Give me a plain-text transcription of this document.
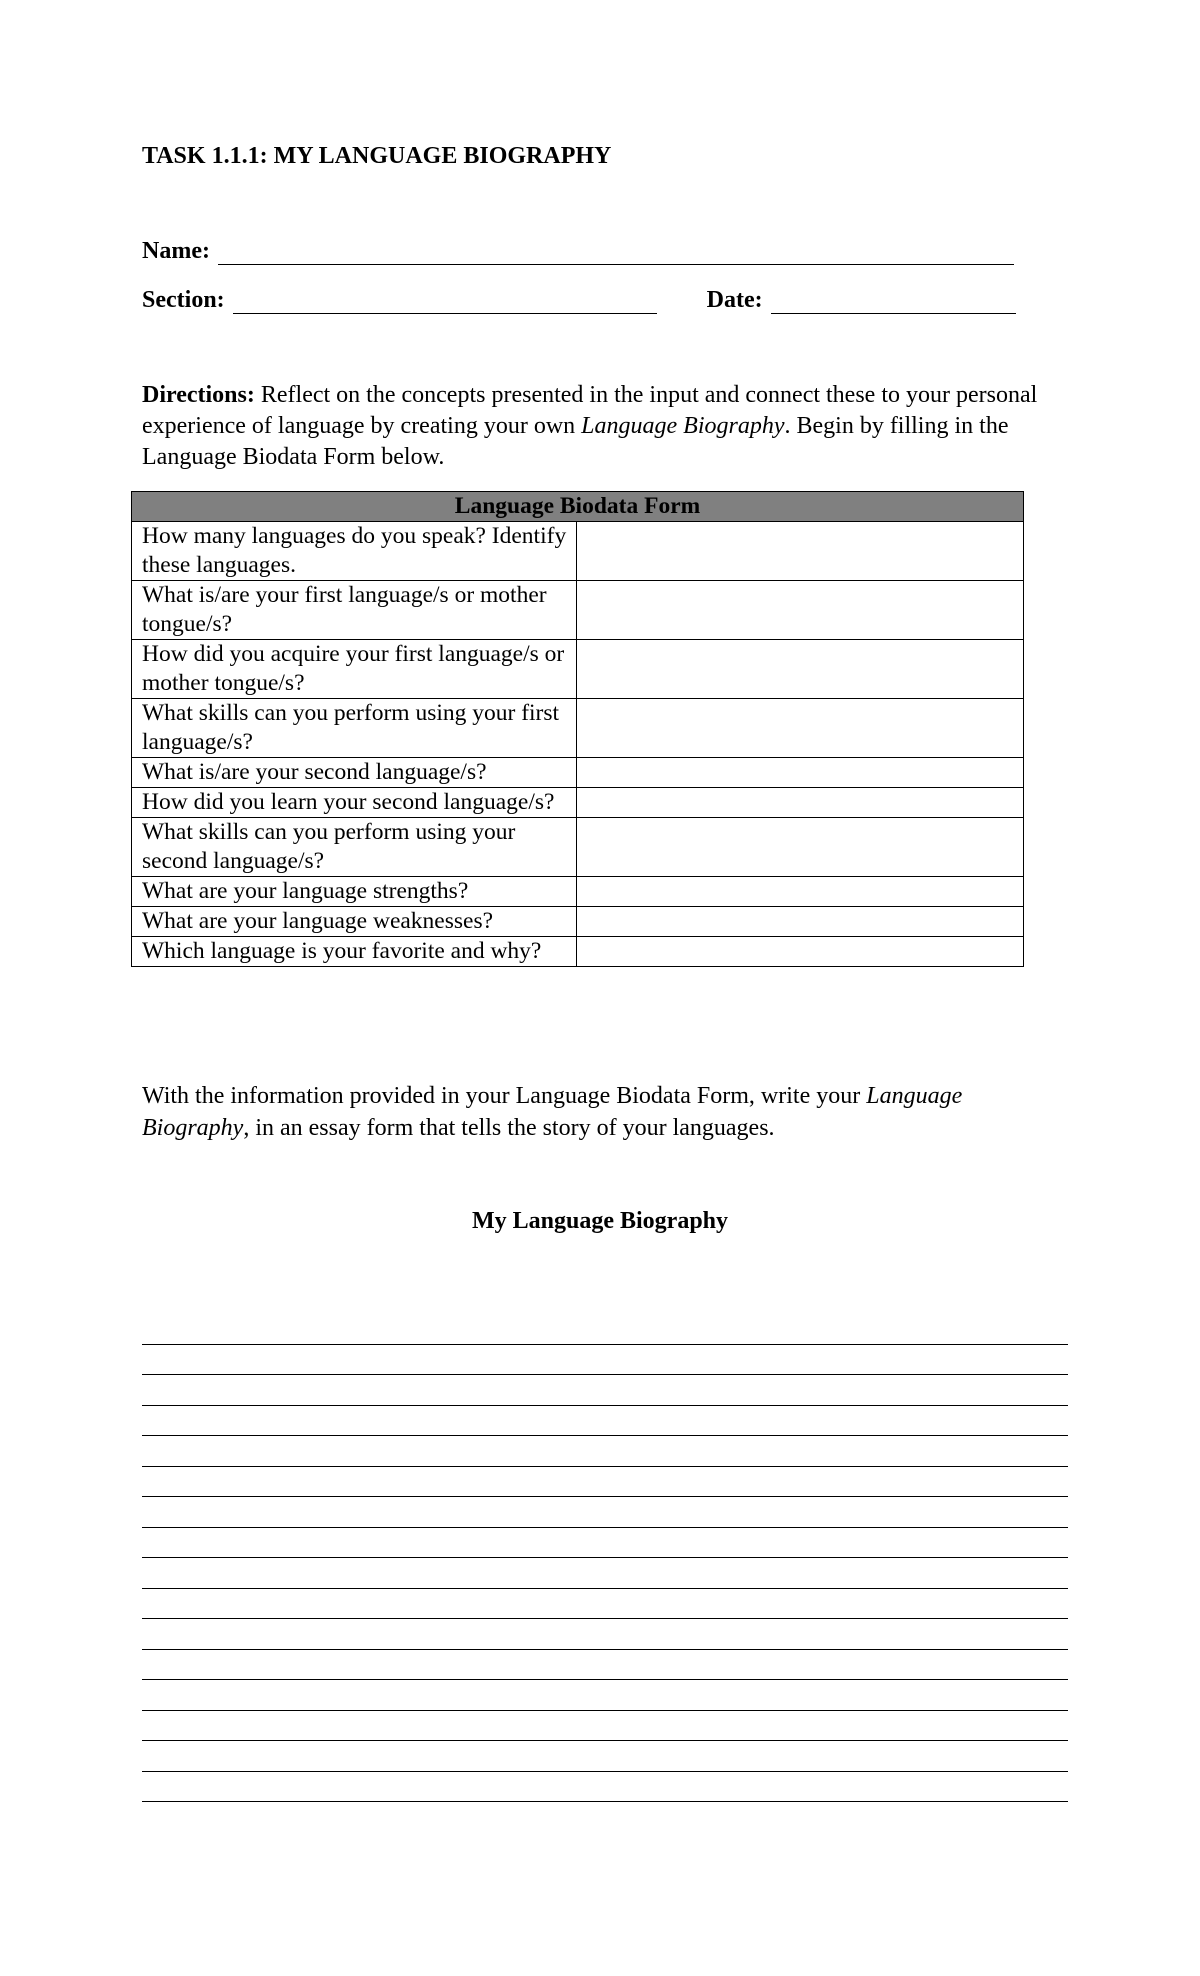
TASK 1.1.1: MY LANGUAGE BIOGRAPHY
Name:
Section:	Date:

Directions: Reflect on the concepts presented in the input and connect these to your personal experience of language by creating your own Language Biography. Begin by filling in the Language Biodata Form below.

Language Biodata Form	
How many languages do you speak? Identify these languages.	
What is/are your first language/s or mother tongue/s?	
How did you acquire your first language/s or mother tongue/s?	
What skills can you perform using your first language/s?	
What is/are your second language/s?	
How did you learn your second language/s?	
What skills can you perform using your second language/s?	
What are your language strengths?	
What are your language weaknesses?	
Which language is your favorite and why?	

With the information provided in your Language Biodata Form, write your Language Biography, in an essay form that tells the story of your languages.

My Language Biography
